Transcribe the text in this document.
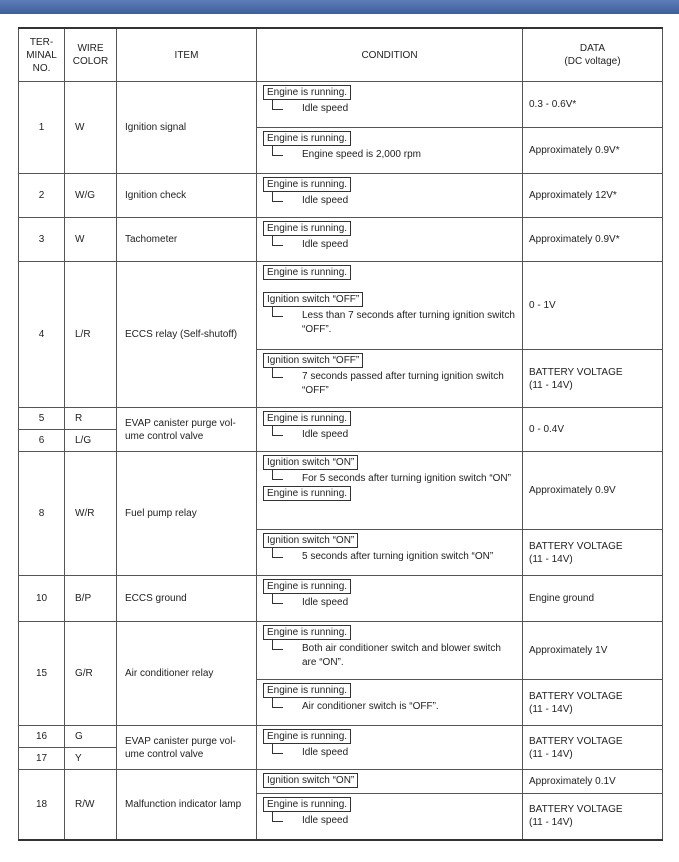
TER-
MINAL
NO.	WIRE
COLOR	ITEM	CONDITION	DATA
(DC voltage)
1	W	Ignition signal	Engine is running.
Idle speed	0.3 - 0.6V*
			Engine is running.
Engine speed is 2,000 rpm	Approximately 0.9V*
2	W/G	Ignition check	Engine is running.
Idle speed	Approximately 12V*
3	W	Tachometer	Engine is running.
Idle speed	Approximately 0.9V*
4	L/R	ECCS relay (Self-shutoff)	Engine is running.
Ignition switch “OFF”
Less than 7 seconds after turning ignition switch “OFF”.	0 - 1V
			Ignition switch “OFF”
7 seconds passed after turning ignition switch “OFF”	BATTERY VOLTAGE
(11 - 14V)
5	R	EVAP canister purge vol-
ume control valve	Engine is running.
Idle speed	0 - 0.4V
6	L/G			
8	W/R	Fuel pump relay	Ignition switch “ON”
For 5 seconds after turning ignition switch “ON”
Engine is running.	Approximately 0.9V
			Ignition switch “ON”
5 seconds after turning ignition switch “ON”	BATTERY VOLTAGE
(11 - 14V)
10	B/P	ECCS ground	Engine is running.
Idle speed	Engine ground
15	G/R	Air conditioner relay	Engine is running.
Both air conditioner switch and blower switch are “ON”.	Approximately 1V
			Engine is running.
Air conditioner switch is “OFF”.	BATTERY VOLTAGE
(11 - 14V)
16	G	EVAP canister purge vol-
ume control valve	Engine is running.
Idle speed	BATTERY VOLTAGE
(11 - 14V)
17	Y			
18	R/W	Malfunction indicator lamp	Ignition switch “ON”	Approximately 0.1V
			Engine is running.
Idle speed	BATTERY VOLTAGE
(11 - 14V)
